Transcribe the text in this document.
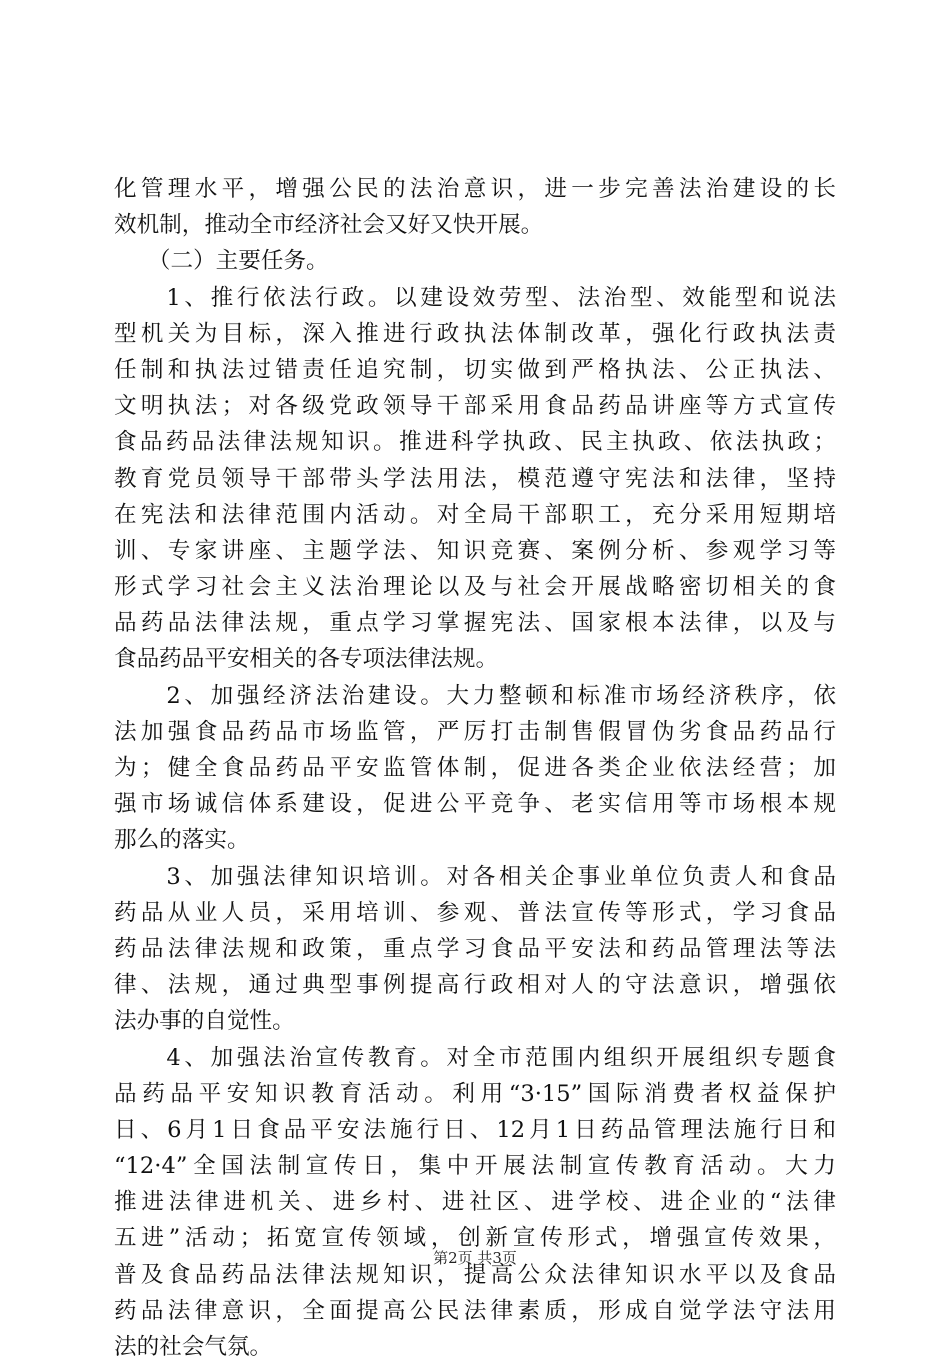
化管理水平，增强公民的法治意识，进一步完善法治建设的长
效机制，推动全市经济社会又好又快开展。
　　（二）主要任务。
　　1、推行依法行政。以建设效劳型、法治型、效能型和说法
型机关为目标，深入推进行政执法体制改革，强化行政执法责
任制和执法过错责任追究制，切实做到严格执法、公正执法、
文明执法；对各级党政领导干部采用食品药品讲座等方式宣传
食品药品法律法规知识。推进科学执政、民主执政、依法执政；
教育党员领导干部带头学法用法，模范遵守宪法和法律，坚持
在宪法和法律范围内活动。对全局干部职工，充分采用短期培
训、专家讲座、主题学法、知识竞赛、案例分析、参观学习等
形式学习社会主义法治理论以及与社会开展战略密切相关的食
品药品法律法规，重点学习掌握宪法、国家根本法律，以及与
食品药品平安相关的各专项法律法规。
　　2、加强经济法治建设。大力整顿和标准市场经济秩序，依
法加强食品药品市场监管，严厉打击制售假冒伪劣食品药品行
为；健全食品药品平安监管体制，促进各类企业依法经营；加
强市场诚信体系建设，促进公平竞争、老实信用等市场根本规
那么的落实。
　　3、加强法律知识培训。对各相关企事业单位负责人和食品
药品从业人员，采用培训、参观、普法宣传等形式，学习食品
药品法律法规和政策，重点学习食品平安法和药品管理法等法
律、法规，通过典型事例提高行政相对人的守法意识，增强依
法办事的自觉性。
　　4、加强法治宣传教育。对全市范围内组织开展组织专题食
品药品平安知识教育活动。利用“3·15”国际消费者权益保护
日、6月1日食品平安法施行日、12月1日药品管理法施行日和
“12·4”全国法制宣传日，集中开展法制宣传教育活动。大力
推进法律进机关、进乡村、进社区、进学校、进企业的“法律
五进”活动；拓宽宣传领域，创新宣传形式，增强宣传效果，
普及食品药品法律法规知识，提高公众法律知识水平以及食品
药品法律意识，全面提高公民法律素质，形成自觉学法守法用
法的社会气氛。
第2页 共3页
